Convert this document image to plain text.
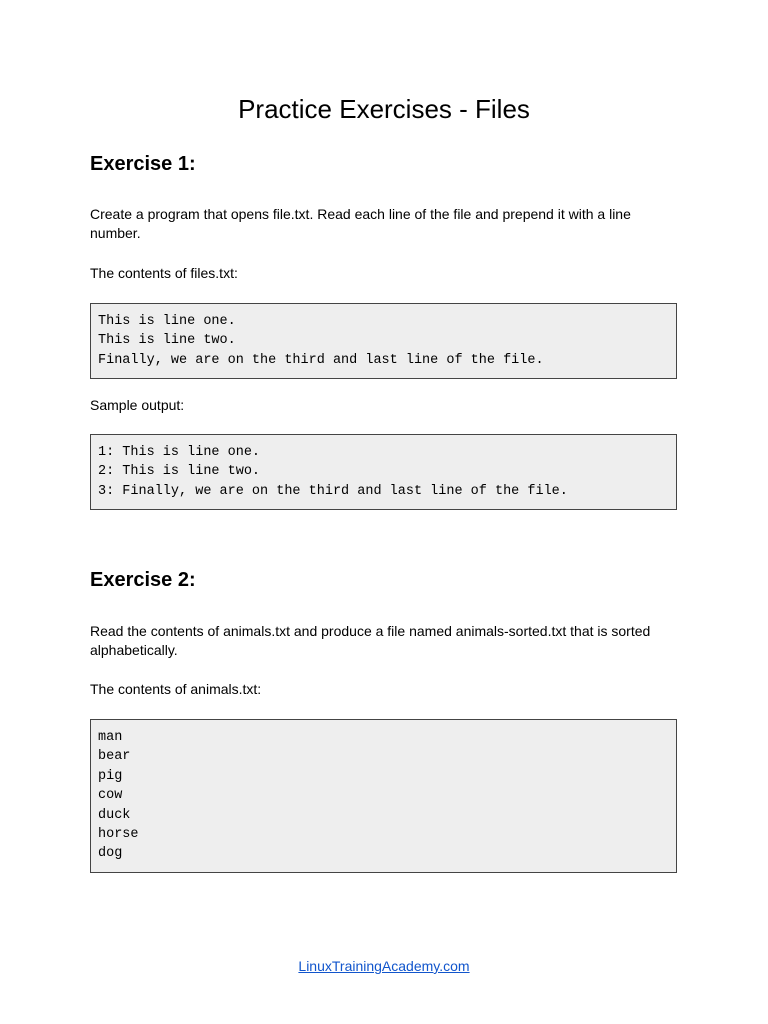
Practice Exercises - Files
Exercise 1:

Create a program that opens file.txt. Read each line of the file and prepend it with a line number.

The contents of files.txt:

This is line one.
This is line two.
Finally, we are on the third and last line of the file.

Sample output:

1: This is line one.
2: This is line two.
3: Finally, we are on the third and last line of the file.
Exercise 2:

Read the contents of animals.txt and produce a file named animals-sorted.txt that is sorted alphabetically.

The contents of animals.txt:

man
bear
pig
cow
duck
horse
dog
LinuxTrainingAcademy.com
